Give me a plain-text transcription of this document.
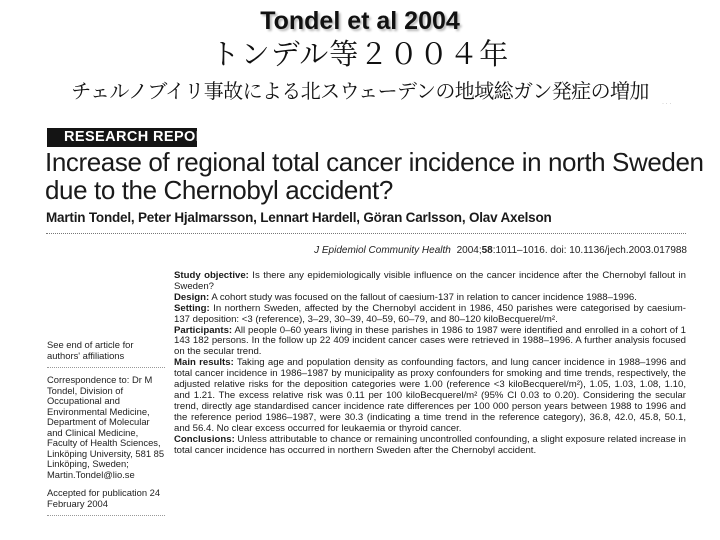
Tondel et al 2004
トンデル等２００４年
チェルノブイリ事故による北スウェーデンの地域総ガン発症の増加
· · ·
RESEARCH REPORT
Increase of regional total cancer incidence in north Sweden due to the Chernobyl accident?
Martin Tondel, Peter Hjalmarsson, Lennart Hardell, Göran Carlsson, Olav Axelson
J Epidemiol Community Health 2004;58:1011–1016. doi: 10.1136/jech.2003.017988

See end of article for authors' affiliations

Correspondence to: Dr M Tondel, Division of Occupational and Environmental Medicine, Department of Molecular and Clinical Medicine, Faculty of Health Sciences, Linköping University, 581 85 Linköping, Sweden; Martin.Tondel@lio.se

Accepted for publication 24 February 2004

Study objective: Is there any epidemiologically visible influence on the cancer incidence after the Chernobyl fallout in Sweden?

Design: A cohort study was focused on the fallout of caesium-137 in relation to cancer incidence 1988–1996.

Setting: In northern Sweden, affected by the Chernobyl accident in 1986, 450 parishes were categorised by caesium-137 deposition: <3 (reference), 3–29, 30–39, 40–59, 60–79, and 80–120 kiloBecquerel/m².

Participants: All people 0–60 years living in these parishes in 1986 to 1987 were identified and enrolled in a cohort of 1 143 182 persons. In the follow up 22 409 incident cancer cases were retrieved in 1988–1996. A further analysis focused on the secular trend.

Main results: Taking age and population density as confounding factors, and lung cancer incidence in 1988–1996 and total cancer incidence in 1986–1987 by municipality as proxy confounders for smoking and time trends, respectively, the adjusted relative risks for the deposition categories were 1.00 (reference <3 kiloBecquerel/m²), 1.05, 1.03, 1.08, 1.10, and 1.21. The excess relative risk was 0.11 per 100 kiloBecquerel/m² (95% CI 0.03 to 0.20). Considering the secular trend, directly age standardised cancer incidence rate differences per 100 000 person years between 1988 to 1996 and the reference period 1986–1987, were 30.3 (indicating a time trend in the reference category), 36.8, 42.0, 45.8, 50.1, and 56.4. No clear excess occurred for leukaemia or thyroid cancer.

Conclusions: Unless attributable to chance or remaining uncontrolled confounding, a slight exposure related increase in total cancer incidence has occurred in northern Sweden after the Chernobyl accident.
